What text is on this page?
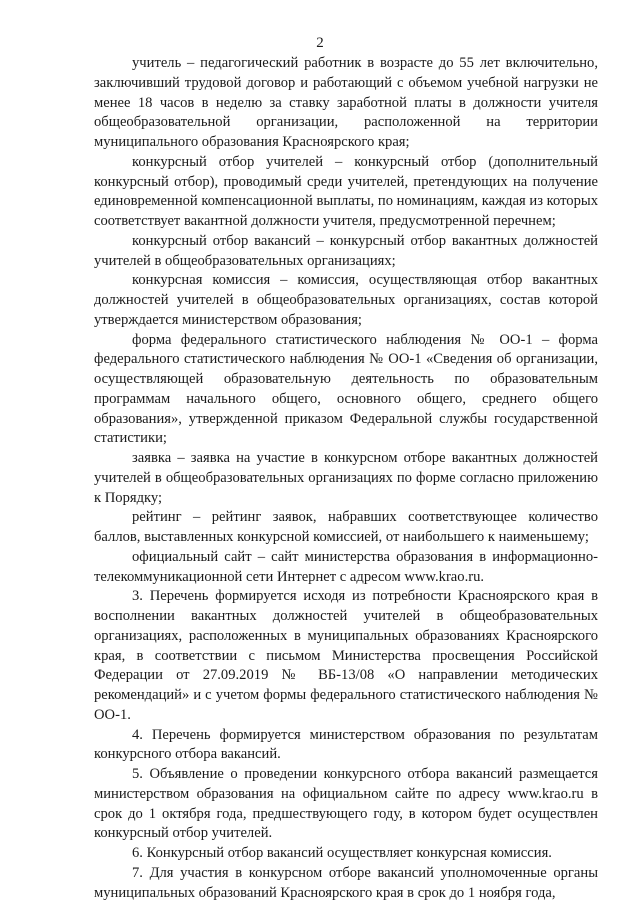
2

учитель – педагогический работник в возрасте до 55 лет включительно, заключивший трудовой договор и работающий с объемом учебной нагрузки не менее 18 часов в неделю за ставку заработной платы в должности учителя общеобразовательной организации, расположенной на территории муниципального образования Красноярского края;

конкурсный отбор учителей – конкурсный отбор (дополнительный конкурсный отбор), проводимый среди учителей, претендующих на получение единовременной компенсационной выплаты, по номинациям, каждая из которых соответствует вакантной должности учителя, предусмотренной перечнем;

конкурсный отбор вакансий – конкурсный отбор вакантных должностей учителей в общеобразовательных организациях;

конкурсная комиссия – комиссия, осуществляющая отбор вакантных должностей учителей в общеобразовательных организациях, состав которой утверждается министерством образования;

форма федерального статистического наблюдения № ОО-1 – форма федерального статистического наблюдения № ОО-1 «Сведения об организации, осуществляющей образовательную деятельность по образовательным программам начального общего, основного общего, среднего общего образования», утвержденной приказом Федеральной службы государственной статистики;

заявка – заявка на участие в конкурсном отборе вакантных должностей учителей в общеобразовательных организациях по форме согласно приложению к Порядку;

рейтинг – рейтинг заявок, набравших соответствующее количество баллов, выставленных конкурсной комиссией, от наибольшего к наименьшему;

официальный сайт – сайт министерства образования в информационно-телекоммуникационной сети Интернет с адресом www.krao.ru.

3. Перечень формируется исходя из потребности Красноярского края в восполнении вакантных должностей учителей в общеобразовательных организациях, расположенных в муниципальных образованиях Красноярского края, в соответствии с письмом Министерства просвещения Российской Федерации от 27.09.2019 № ВБ-13/08 «О направлении методических рекомендаций» и с учетом формы федерального статистического наблюдения № ОО-1.

4. Перечень формируется министерством образования по результатам конкурсного отбора вакансий.

5. Объявление о проведении конкурсного отбора вакансий размещается министерством образования на официальном сайте по адресу www.krao.ru в срок до 1 октября года, предшествующего году, в котором будет осуществлен конкурсный отбор учителей.

6. Конкурсный отбор вакансий осуществляет конкурсная комиссия.

7. Для участия в конкурсном отборе вакансий уполномоченные органы муниципальных образований Красноярского края в срок до 1 ноября года,
